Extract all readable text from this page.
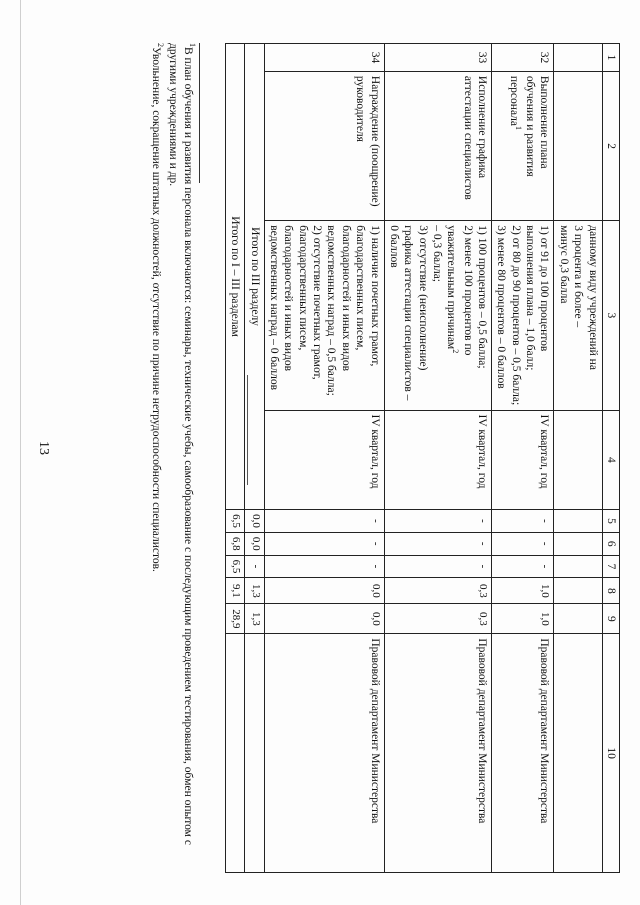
13
1	2	3	4	5	6	7	8	9	10

		данному виду учреждений на
3 процента и более –
минус 0,3 балла							

32	Выполнение плана обучения и развития персонала$^1$	1) от 91 до 100 процентов выполнения плана – 1,0 балл;
2) от 80 до 90 процентов – 0,5 балла;
3) менее 80 процентов – 0 баллов	IV квартал, год	-	-	-	1,0	1,0	Правовой департамент Министерства
33	Исполнение графика аттестации специалистов	1) 100 процентов – 0,5 балла;
2) менее 100 процентов по уважительным причинам$^2$
– 0,3 балла;
3) отсутствие (неисполнение) графика аттестации специалистов – 0 баллов	IV квартал, год	-	-	-	0,3	0,3	Правовой департамент Министерства
34	Награждение (поощрение) руководителя	1) наличие почетных грамот, благодарственных писем, благодарностей и иных видов ведомственных наград – 0,5 балла;
2) отсутствие почетных грамот, благодарственных писем, благодарностей и иных видов ведомственных наград – 0 баллов	IV квартал, год	-	-	-	0,0	0,0	Правовой департамент Министерства
Итого по III разделу				0,0	0,0	-	1,3	1,3	
Итого по I – III разделам				6,5	6,8	6,5	9,1	28,9	
$^1$В план обучения и развития персонала включаются: семинары, технические учебы, самообразование с последующим проведением тестирования, обмен опытом с другими учреждениями и др.
$^2$Увольнение, сокращение штатных должностей, отсутствие по причине нетрудоспособности специалистов.
